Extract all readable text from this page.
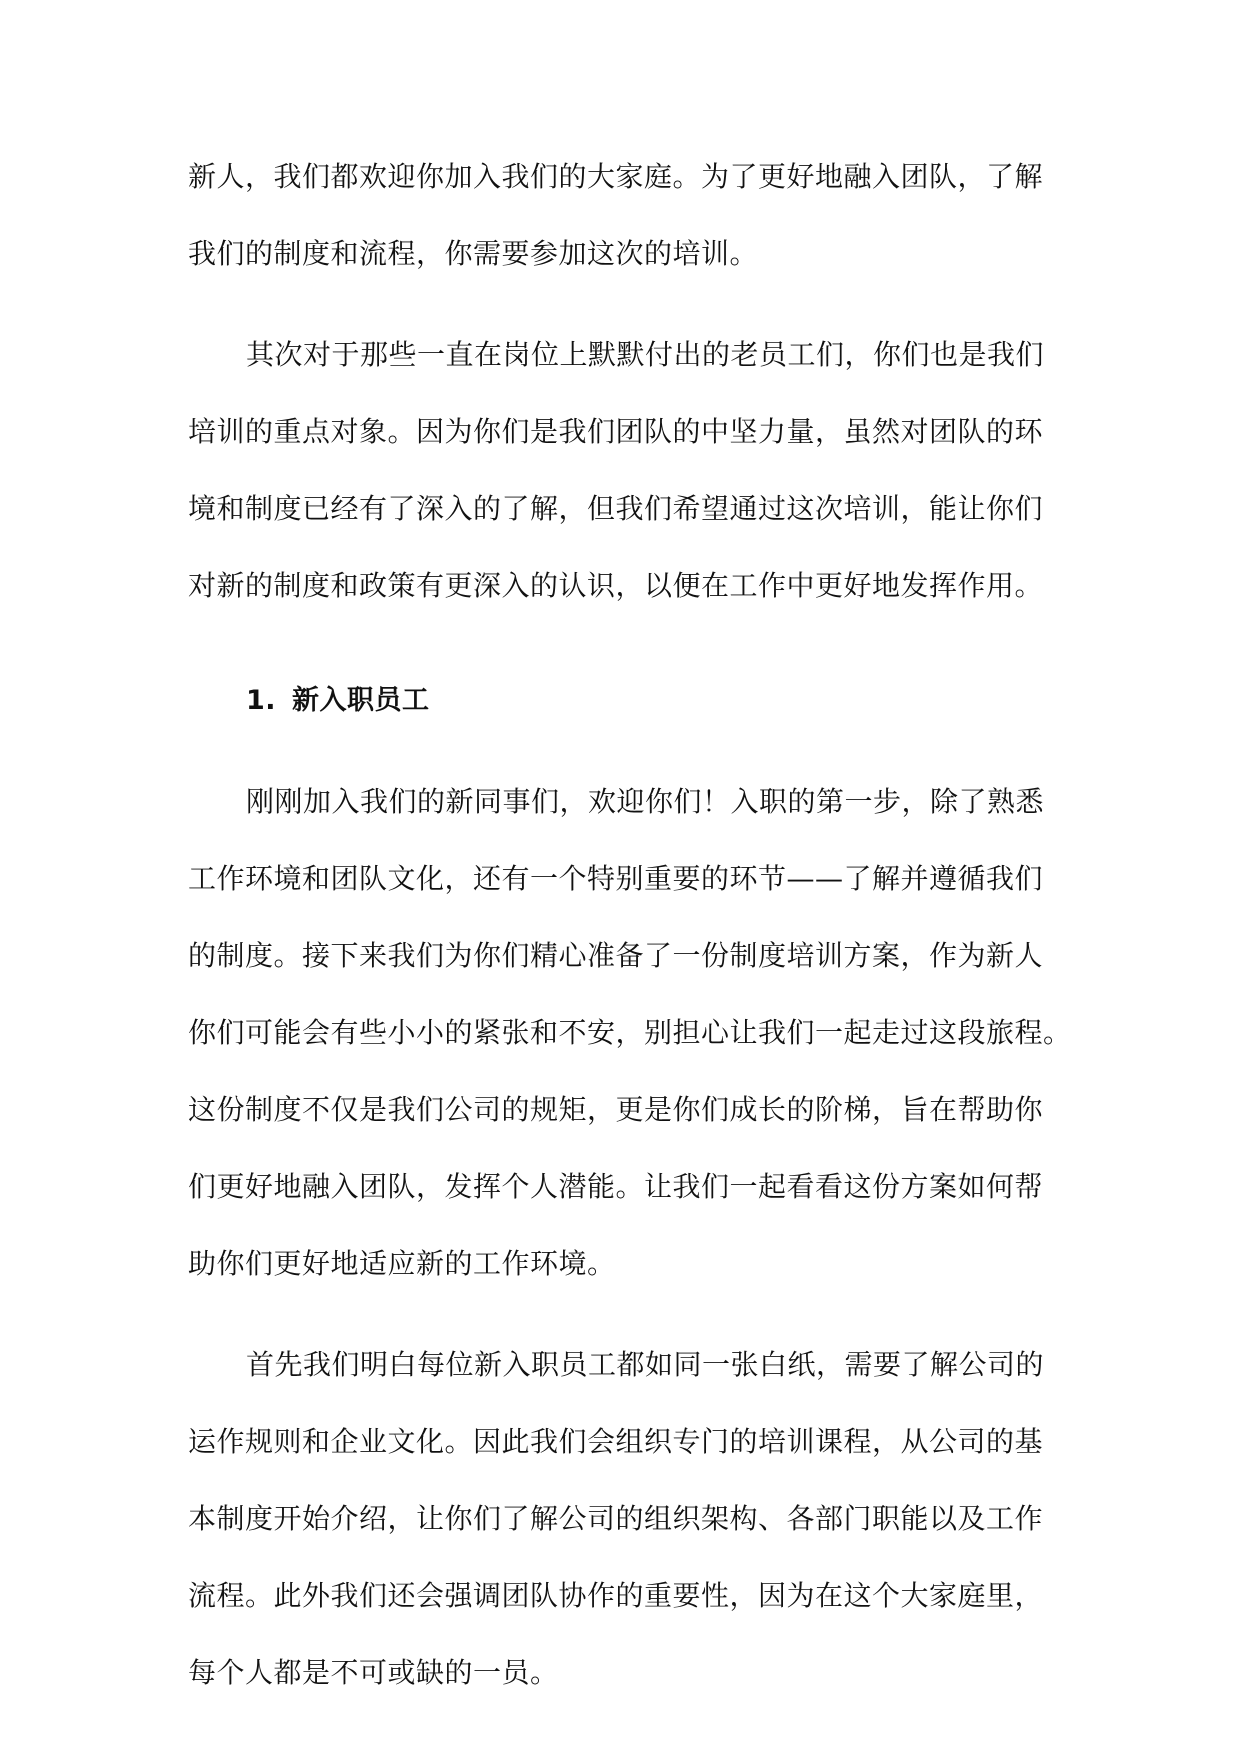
新人，我们都欢迎你加入我们的大家庭。为了更好地融入团队，了解
我们的制度和流程，你需要参加这次的培训。
其次对于那些一直在岗位上默默付出的老员工们，你们也是我们
培训的重点对象。因为你们是我们团队的中坚力量，虽然对团队的环
境和制度已经有了深入的了解，但我们希望通过这次培训，能让你们
对新的制度和政策有更深入的认识，以便在工作中更好地发挥作用。
1. 新入职员工
刚刚加入我们的新同事们，欢迎你们！入职的第一步，除了熟悉
工作环境和团队文化，还有一个特别重要的环节——了解并遵循我们
的制度。接下来我们为你们精心准备了一份制度培训方案，作为新人
你们可能会有些小小的紧张和不安，别担心让我们一起走过这段旅程。
这份制度不仅是我们公司的规矩，更是你们成长的阶梯，旨在帮助你
们更好地融入团队，发挥个人潜能。让我们一起看看这份方案如何帮
助你们更好地适应新的工作环境。
首先我们明白每位新入职员工都如同一张白纸，需要了解公司的
运作规则和企业文化。因此我们会组织专门的培训课程，从公司的基
本制度开始介绍，让你们了解公司的组织架构、各部门职能以及工作
流程。此外我们还会强调团队协作的重要性，因为在这个大家庭里，
每个人都是不可或缺的一员。
